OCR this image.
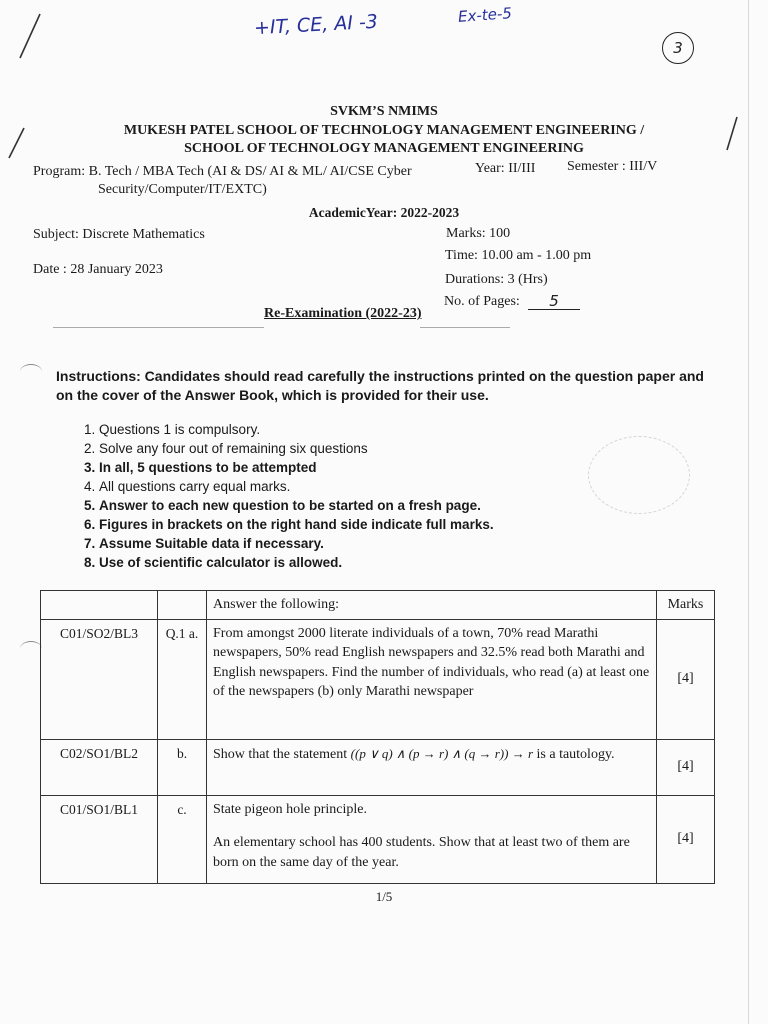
+IT, CE, AI -3	Ex-te-5
3
SVKM’S NMIMS
MUKESH PATEL SCHOOL OF TECHNOLOGY MANAGEMENT ENGINEERING /
SCHOOL OF TECHNOLOGY MANAGEMENT ENGINEERING
Program: B. Tech / MBA Tech (AI & DS/ AI & ML/ AI/CSE Cyber
Security/Computer/IT/EXTC)
Year: II/III Semester : III/V
AcademicYear: 2022-2023
Subject: Discrete Mathematics	Marks: 100
Time: 10.00 am - 1.00 pm
Date : 28 January 2023
Durations: 3 (Hrs)
No. of Pages:	5
Re-Examination (2022-23)
Instructions: Candidates should read carefully the instructions printed on the question paper and on the cover of the Answer Book, which is provided for their use.
1. Questions 1 is compulsory.
2. Solve any four out of remaining six questions
3. In all, 5 questions to be attempted
4. All questions carry equal marks.
5. Answer to each new question to be started on a fresh page.
6. Figures in brackets on the right hand side indicate full marks.
7. Assume Suitable data if necessary.
8. Use of scientific calculator is allowed.
		Answer the following:	Marks
C01/SO2/BL3	Q.1 a.	From amongst 2000 literate individuals of a town, 70% read Marathi newspapers, 50% read English newspapers and 32.5% read both Marathi and English newspapers. Find the number of individuals, who read (a) at least one of the newspapers (b) only Marathi newspaper	[4]
C02/SO1/BL2	b.	Show that the statement ((p ∨ q) ∧ (p → r) ∧ (q → r)) → r is a tautology.	[4]
C01/SO1/BL1	c.	State pigeon hole principle.
An elementary school has 400 students. Show that at least two of them are born on the same day of the year.	[4]
1/5
